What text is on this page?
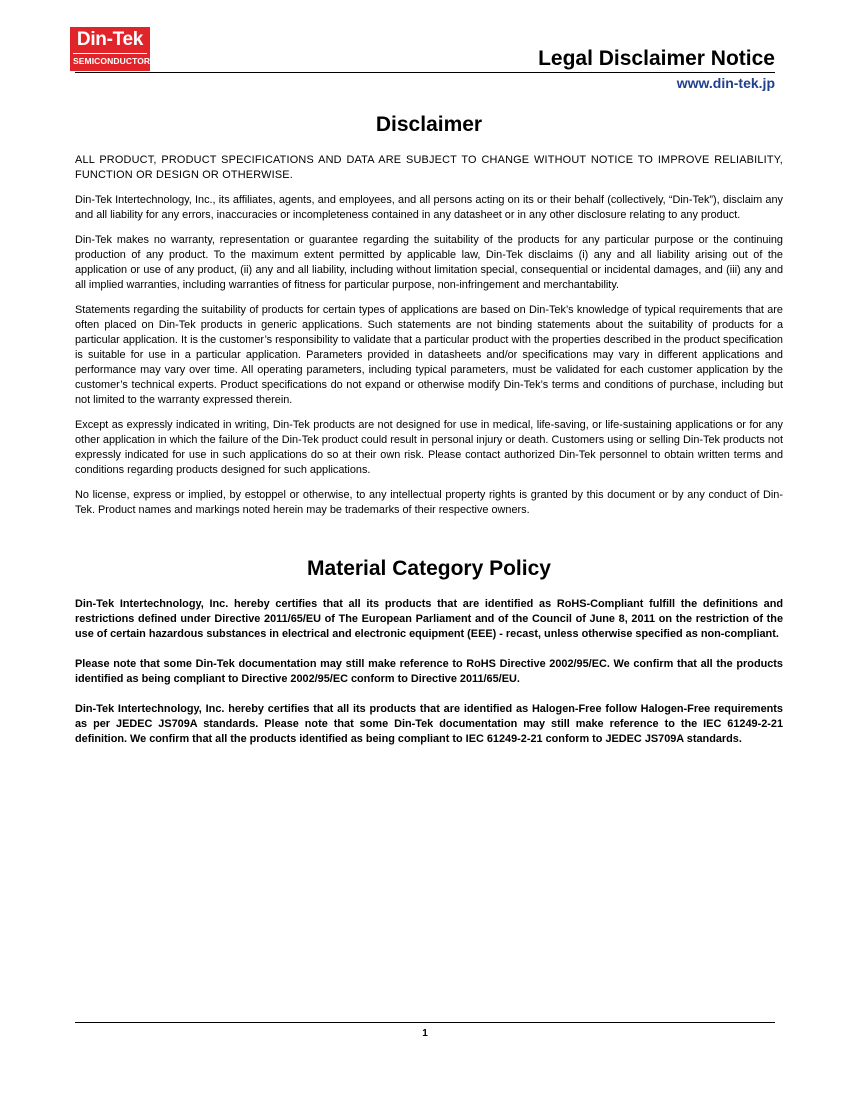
Din-Tek
SEMICONDUCTOR	Legal Disclaimer Notice
www.din-tek.jp
Disclaimer

ALL PRODUCT, PRODUCT SPECIFICATIONS AND DATA ARE SUBJECT TO CHANGE WITHOUT NOTICE TO IMPROVE RELIABILITY, FUNCTION OR DESIGN OR OTHERWISE.

Din-Tek Intertechnology, Inc., its affiliates, agents, and employees, and all persons acting on its or their behalf (collectively, “Din-Tek”), disclaim any and all liability for any errors, inaccuracies or incompleteness contained in any datasheet or in any other disclosure relating to any product.

Din-Tek makes no warranty, representation or guarantee regarding the suitability of the products for any particular purpose or the continuing production of any product. To the maximum extent permitted by applicable law, Din-Tek disclaims (i) any and all liability arising out of the application or use of any product, (ii) any and all liability, including without limitation special, consequential or incidental damages, and (iii) any and all implied warranties, including warranties of fitness for particular purpose, non-infringement and merchantability.

Statements regarding the suitability of products for certain types of applications are based on Din-Tek’s knowledge of typical requirements that are often placed on Din-Tek products in generic applications. Such statements are not binding statements about the suitability of products for a particular application. It is the customer’s responsibility to validate that a particular product with the properties described in the product specification is suitable for use in a particular application. Parameters provided in datasheets and/or specifications may vary in different applications and performance may vary over time. All operating parameters, including typical parameters, must be validated for each customer application by the customer’s technical experts. Product specifications do not expand or otherwise modify Din-Tek’s terms and conditions of purchase, including but not limited to the warranty expressed therein.

Except as expressly indicated in writing, Din-Tek products are not designed for use in medical, life-saving, or life-sustaining applications or for any other application in which the failure of the Din-Tek product could result in personal injury or death. Customers using or selling Din-Tek products not expressly indicated for use in such applications do so at their own risk. Please contact authorized Din-Tek personnel to obtain written terms and conditions regarding products designed for such applications.

No license, express or implied, by estoppel or otherwise, to any intellectual property rights is granted by this document or by any conduct of Din-Tek. Product names and markings noted herein may be trademarks of their respective owners.

Material Category Policy

Din-Tek Intertechnology, Inc. hereby certifies that all its products that are identified as RoHS-Compliant fulfill the definitions and restrictions defined under Directive 2011/65/EU of The European Parliament and of the Council of June 8, 2011 on the restriction of the use of certain hazardous substances in electrical and electronic equipment (EEE) - recast, unless otherwise specified as non-compliant.

Please note that some Din-Tek documentation may still make reference to RoHS Directive 2002/95/EC. We confirm that all the products identified as being compliant to Directive 2002/95/EC conform to Directive 2011/65/EU.

Din-Tek Intertechnology, Inc. hereby certifies that all its products that are identified as Halogen-Free follow Halogen-Free requirements as per JEDEC JS709A standards. Please note that some Din-Tek documentation may still make reference to the IEC 61249-2-21 definition. We confirm that all the products identified as being compliant to IEC 61249-2-21 conform to JEDEC JS709A standards.

1
